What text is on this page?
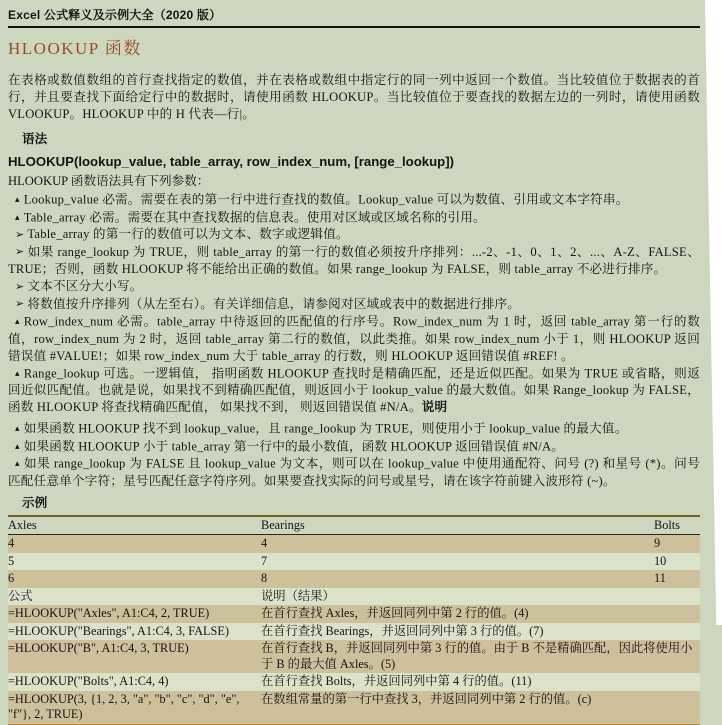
Excel 公式释义及示例大全（2020 版）
HLOOKUP 函数

在表格或数值数组的首行查找指定的数值，并在表格或数组中指定行的同一列中返回一个数值。当比较值位于数据表的首行，并且要查找下面给定行中的数据时，请使用函数 HLOOKUP。当比较值位于要查找的数据左边的一列时，请使用函数 VLOOKUP。HLOOKUP 中的 H 代表—行|。

语法
HLOOKUP(lookup_value, table_array, row_index_num, [range_lookup])

HLOOKUP 函数语法具有下列参数：

▴ Lookup_value 必需。需要在表的第一行中进行查找的数值。Lookup_value 可以为数值、引用或文本字符串。

▴ Table_array 必需。需要在其中查找数据的信息表。使用对区域或区域名称的引用。

➢ Table_array 的第一行的数值可以为文本、数字或逻辑值。

➢ 如果 range_lookup 为 TRUE，则 table_array 的第一行的数值必须按升序排列：...-2、-1、0、1、2、...、A-Z、FALSE、TRUE；否则，函数 HLOOKUP 将不能给出正确的数值。如果 range_lookup 为 FALSE，则 table_array 不必进行排序。

➢ 文本不区分大小写。

➢ 将数值按升序排列（从左至右）。有关详细信息，请参阅对区域或表中的数据进行排序。

▴ Row_index_num 必需。table_array 中待返回的匹配值的行序号。Row_index_num 为 1 时，返回 table_array 第一行的数值，row_index_num 为 2 时，返回 table_array 第二行的数值，以此类推。如果 row_index_num 小于 1，则 HLOOKUP 返回错误值 #VALUE!；如果 row_index_num 大于 table_array 的行数，则 HLOOKUP 返回错误值 #REF! 。

▴ Range_lookup 可选。一逻辑值， 指明函数 HLOOKUP 查找时是精确匹配，还是近似匹配。如果为 TRUE 或省略，则返回近似匹配值。也就是说，如果找不到精确匹配值，则返回小于 lookup_value 的最大数值。如果 Range_lookup 为 FALSE， 函数 HLOOKUP 将查找精确匹配值， 如果找不到， 则返回错误值 #N/A。说明

▴ 如果函数 HLOOKUP 找不到 lookup_value，且 range_lookup 为 TRUE，则使用小于 lookup_value 的最大值。

▴ 如果函数 HLOOKUP 小于 table_array 第一行中的最小数值，函数 HLOOKUP 返回错误值 #N/A。

▴ 如果 range_lookup 为 FALSE 且 lookup_value 为文本，则可以在 lookup_value 中使用通配符、问号 (?) 和星号 (*)。问号匹配任意单个字符；星号匹配任意字符序列。如果要查找实际的问号或星号，请在该字符前键入波形符 (~)。

示例
Axles	Bearings	Bolts
4	4	9
5	7	10
6	8	11
公式	说明（结果）	
=HLOOKUP("Axles", A1:C4, 2, TRUE)	在首行查找 Axles，并返回同列中第 2 行的值。(4)	
=HLOOKUP("Bearings", A1:C4, 3, FALSE)	在首行查找 Bearings，并返回同列中第 3 行的值。(7)	
=HLOOKUP("B", A1:C4, 3, TRUE)	在首行查找 B，并返回同列中第 3 行的值。由于 B 不是精确匹配，因此将使用小于 B 的最大值 Axles。(5)	
=HLOOKUP("Bolts", A1:C4, 4)	在首行查找 Bolts，并返回同列中第 4 行的值。(11)	
=HLOOKUP(3, {1, 2, 3, "a", "b", "c", "d", "e", "f"}, 2, TRUE)	在数组常量的第一行中查找 3，并返回同列中第 2 行的值。(c)	
